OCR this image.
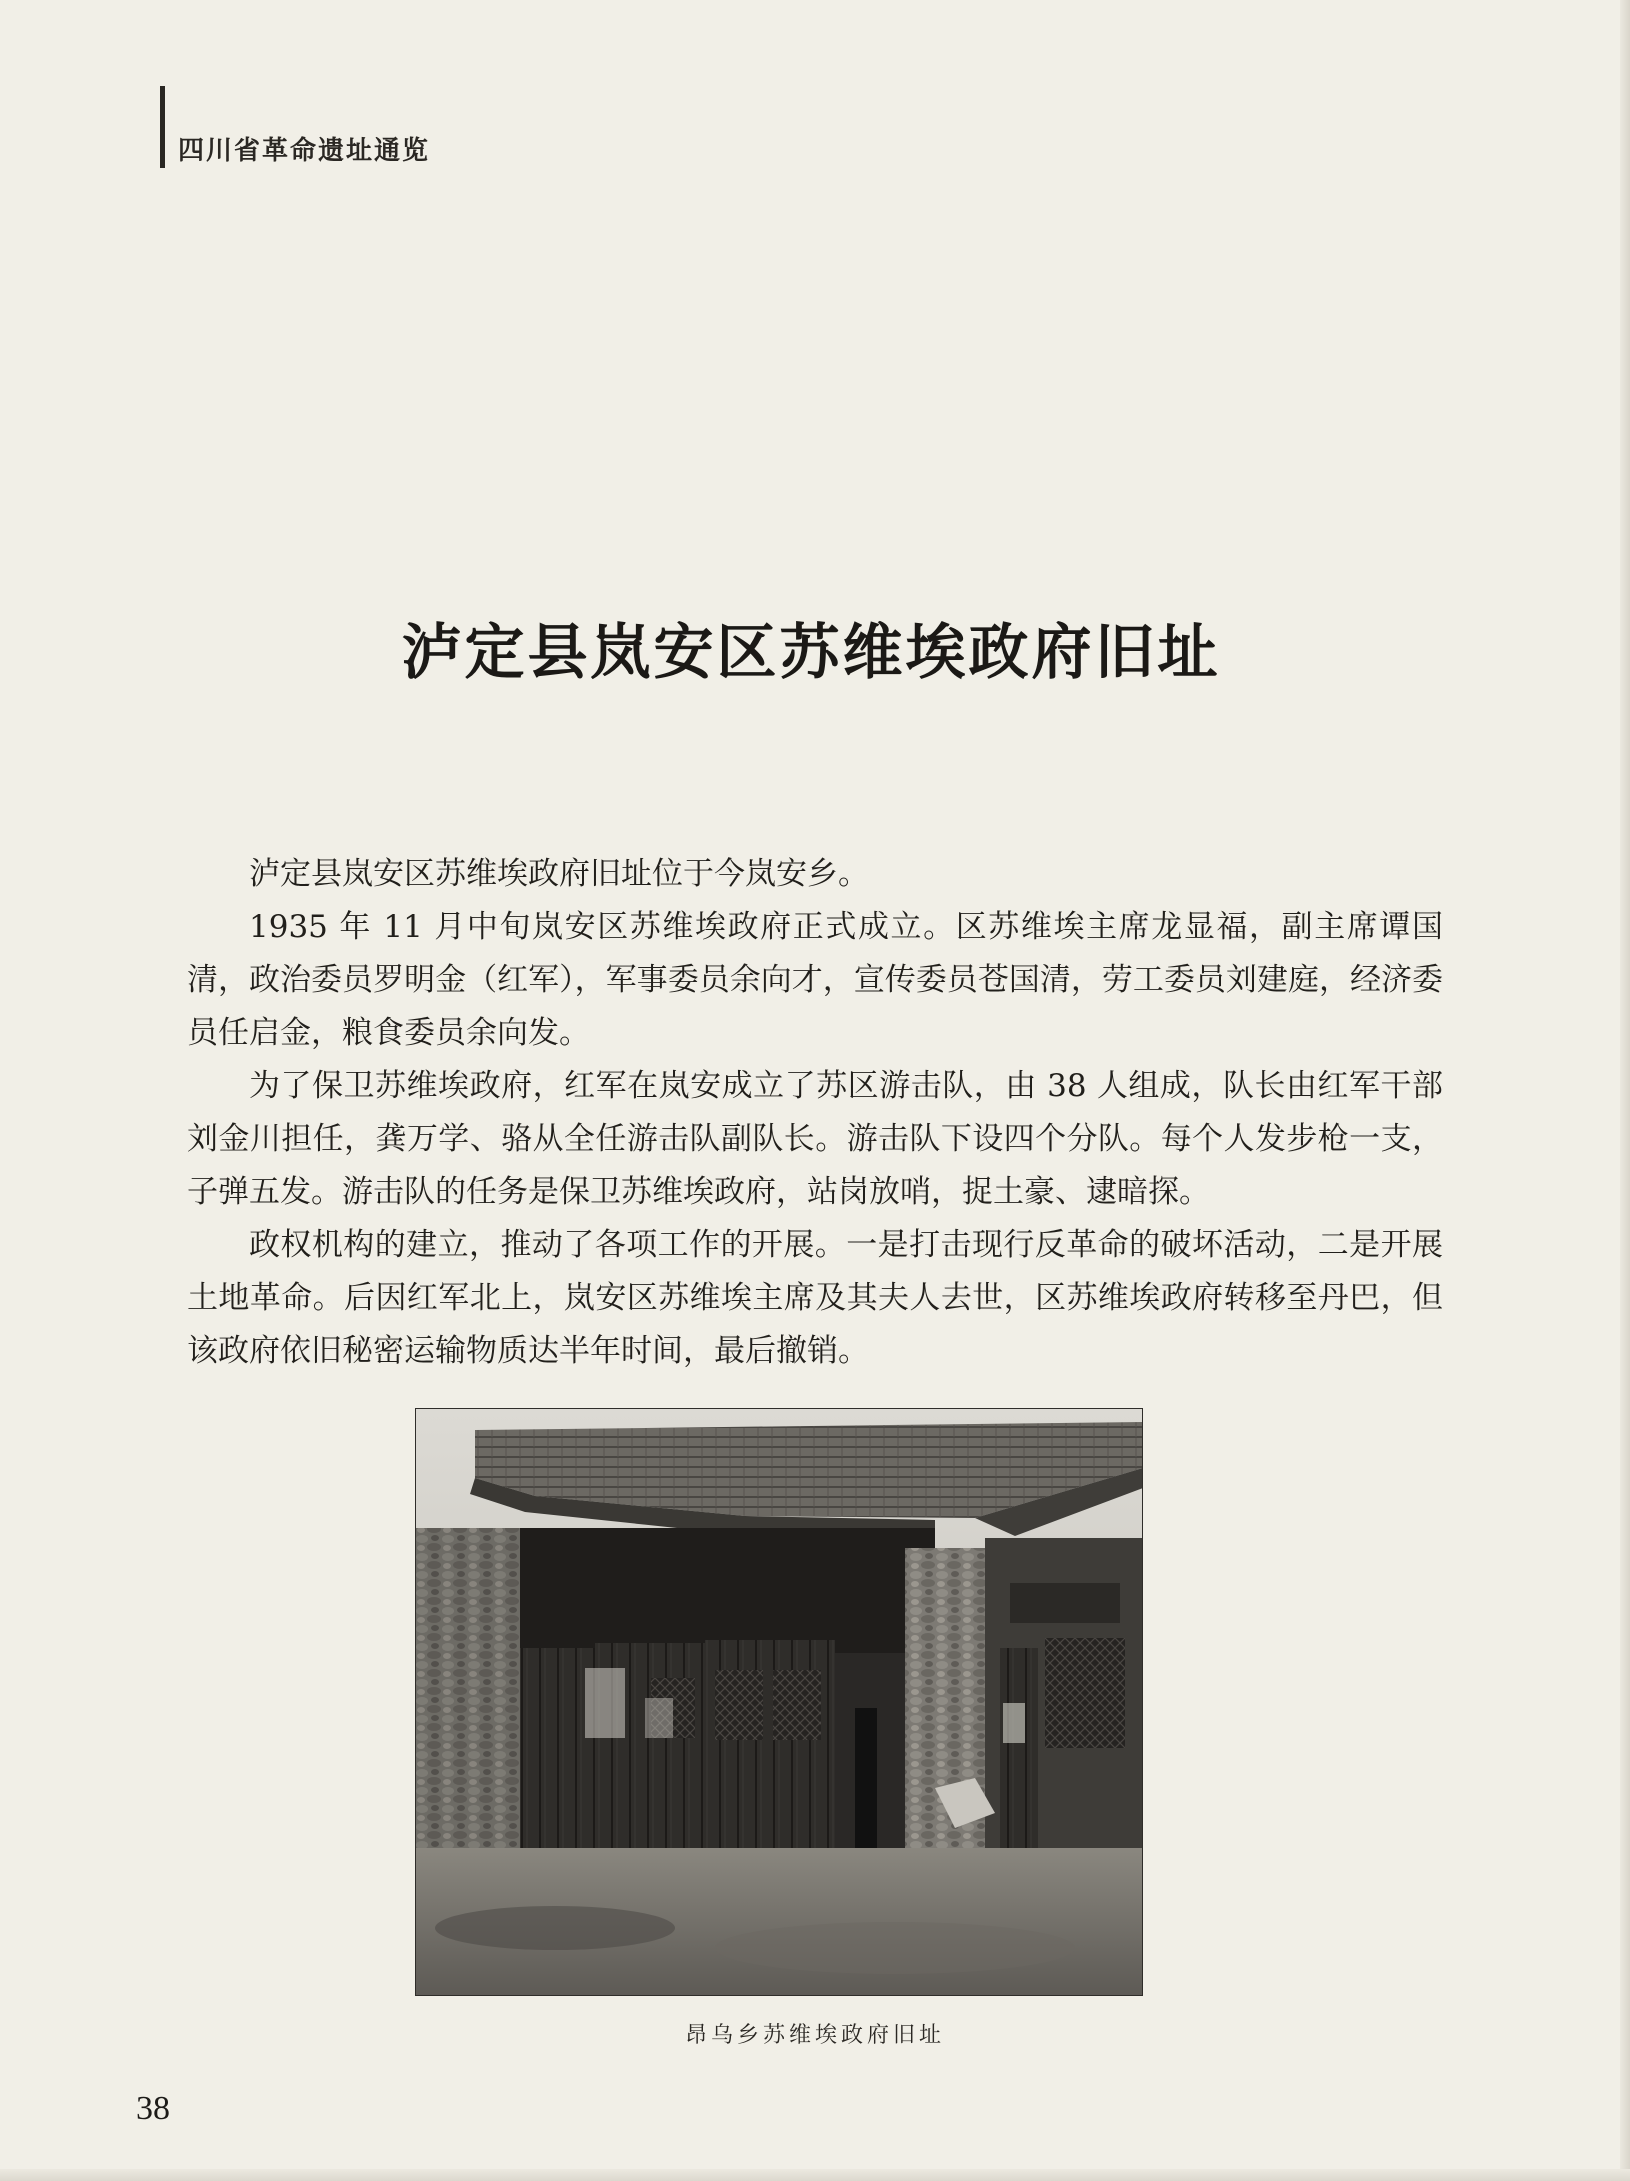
四川省革命遗址通览
泸定县岚安区苏维埃政府旧址

泸定县岚安区苏维埃政府旧址位于今岚安乡。

1935 年 11 月中旬岚安区苏维埃政府正式成立。区苏维埃主席龙显福，副主席谭国清，政治委员罗明金（红军），军事委员余向才，宣传委员苍国清，劳工委员刘建庭，经济委员任启金，粮食委员余向发。

为了保卫苏维埃政府，红军在岚安成立了苏区游击队，由 38 人组成，队长由红军干部刘金川担任，龚万学、骆从全任游击队副队长。游击队下设四个分队。每个人发步枪一支，子弹五发。游击队的任务是保卫苏维埃政府，站岗放哨，捉土豪、逮暗探。

政权机构的建立，推动了各项工作的开展。一是打击现行反革命的破坏活动，二是开展土地革命。后因红军北上，岚安区苏维埃主席及其夫人去世，区苏维埃政府转移至丹巴，但该政府依旧秘密运输物质达半年时间，最后撤销。

昂乌乡苏维埃政府旧址
38
